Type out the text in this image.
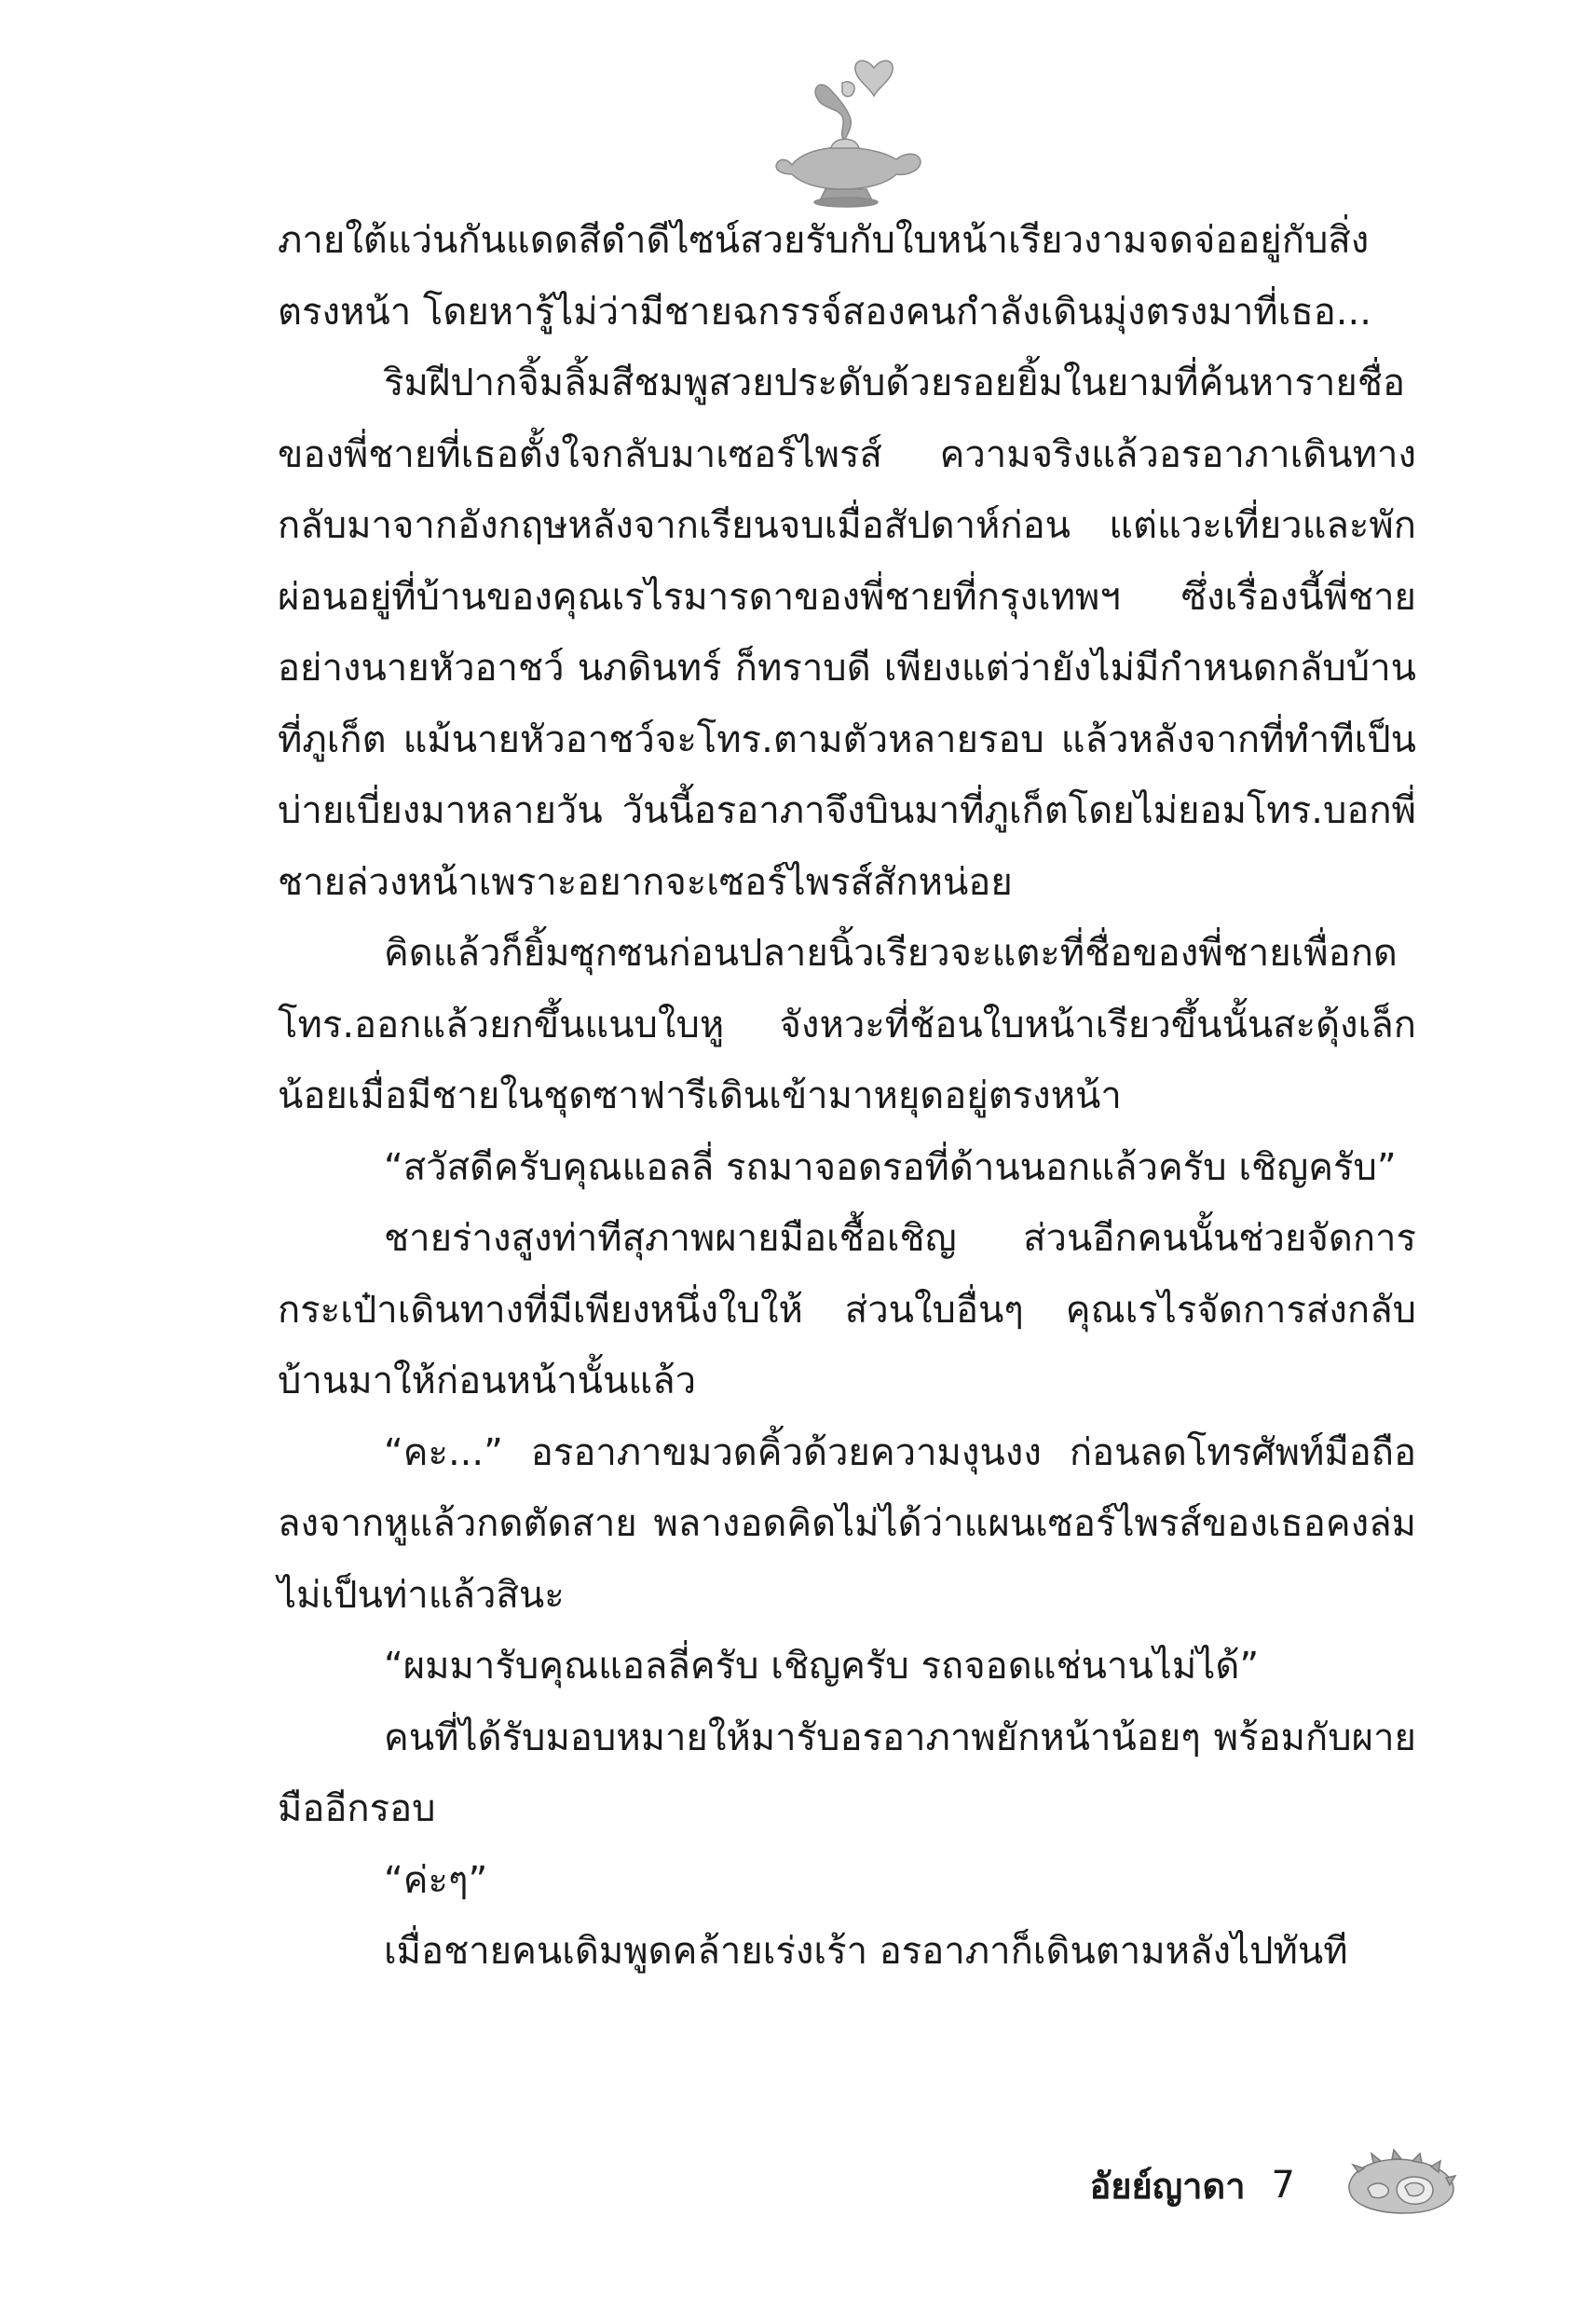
ภายใต้แว่นกันแดดสีดำดีไซน์สวยรับกับใบหน้าเรียวงามจดจ่ออยู่กับสิ่งตรงหน้า โดยหารู้ไม่ว่ามีชายฉกรรจ์สองคนกำลังเดินมุ่งตรงมาที่เธอ...

ริมฝีปากจิ้มลิ้มสีชมพูสวยประดับด้วยรอยยิ้มในยามที่ค้นหารายชื่อของพี่ชายที่เธอตั้งใจกลับมาเซอร์ไพรส์ ความจริงแล้วอรอาภาเดินทางกลับมาจากอังกฤษหลังจากเรียนจบเมื่อสัปดาห์ก่อน แต่แวะเที่ยวและพักผ่อนอยู่ที่บ้านของคุณเรไรมารดาของพี่ชายที่กรุงเทพฯ ซึ่งเรื่องนี้พี่ชายอย่างนายหัวอาชว์ นภดินทร์ ก็ทราบดี เพียงแต่ว่ายังไม่มีกำหนดกลับบ้านที่ภูเก็ต แม้นายหัวอาชว์จะโทร.ตามตัวหลายรอบ แล้วหลังจากที่ทำทีเป็นบ่ายเบี่ยงมาหลายวัน วันนี้อรอาภาจึงบินมาที่ภูเก็ตโดยไม่ยอมโทร.บอกพี่ชายล่วงหน้าเพราะอยากจะเซอร์ไพรส์สักหน่อย

คิดแล้วก็ยิ้มซุกซนก่อนปลายนิ้วเรียวจะแตะที่ชื่อของพี่ชายเพื่อกดโทร.ออกแล้วยกขึ้นแนบใบหู จังหวะที่ช้อนใบหน้าเรียวขึ้นนั้นสะดุ้งเล็กน้อยเมื่อมีชายในชุดซาฟารีเดินเข้ามาหยุดอยู่ตรงหน้า

“สวัสดีครับคุณแอลลี่ รถมาจอดรอที่ด้านนอกแล้วครับ เชิญครับ”

ชายร่างสูงท่าทีสุภาพผายมือเชื้อเชิญ ส่วนอีกคนนั้นช่วยจัดการกระเป๋าเดินทางที่มีเพียงหนึ่งใบให้ ส่วนใบอื่นๆ คุณเรไรจัดการส่งกลับบ้านมาให้ก่อนหน้านั้นแล้ว

“คะ...” อรอาภาขมวดคิ้วด้วยความงุนงง ก่อนลดโทรศัพท์มือถือลงจากหูแล้วกดตัดสาย พลางอดคิดไม่ได้ว่าแผนเซอร์ไพรส์ของเธอคงล่มไม่เป็นท่าแล้วสินะ

“ผมมารับคุณแอลลี่ครับ เชิญครับ รถจอดแช่นานไม่ได้”

คนที่ได้รับมอบหมายให้มารับอรอาภาพยักหน้าน้อยๆ พร้อมกับผายมืออีกรอบ

“ค่ะๆ”

เมื่อชายคนเดิมพูดคล้ายเร่งเร้า อรอาภาก็เดินตามหลังไปทันที

อัยย์ญาดา 7
